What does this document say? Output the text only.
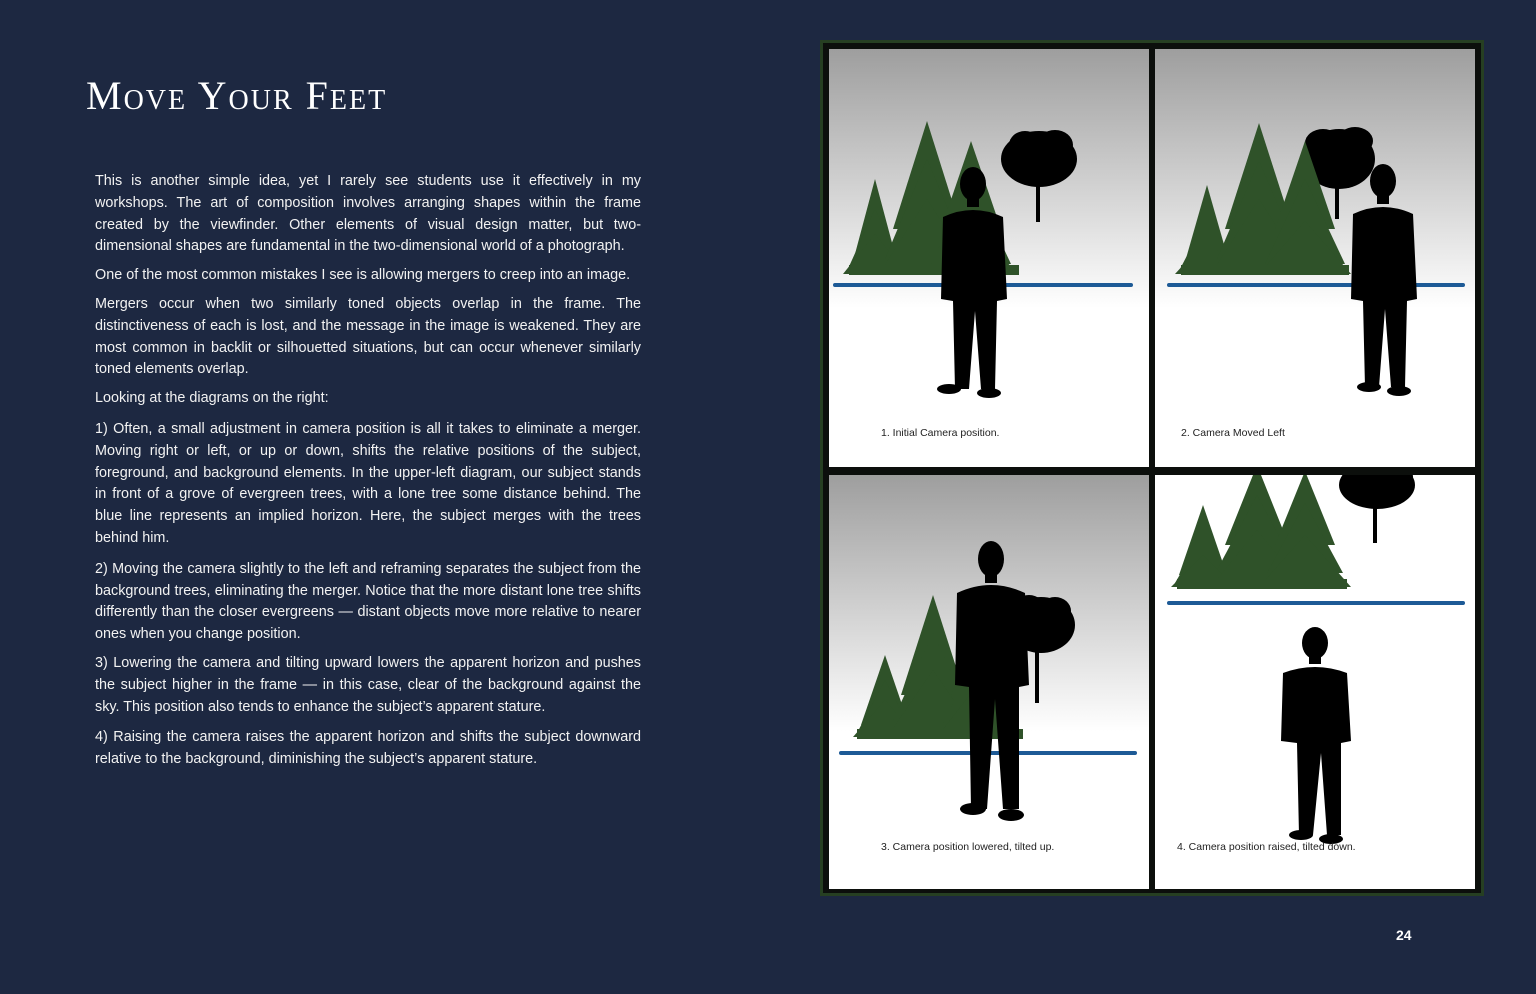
Move Your Feet

This is another simple idea, yet I rarely see students use it effectively in my workshops. The art of composition involves arranging shapes within the frame created by the viewfinder. Other elements of visual design matter, but two-dimensional shapes are fundamental in the two-dimensional world of a photograph.

One of the most common mistakes I see is allowing mergers to creep into an image.

Mergers occur when two similarly toned objects overlap in the frame. The distinctiveness of each is lost, and the message in the image is weakened. They are most common in backlit or silhouetted situations, but can occur whenever similarly toned elements overlap.

Looking at the diagrams on the right:

1) Often, a small adjustment in camera position is all it takes to eliminate a merger. Moving right or left, or up or down, shifts the relative positions of the subject, foreground, and background elements. In the upper-left diagram, our subject stands in front of a grove of evergreen trees, with a lone tree some distance behind. The blue line represents an implied horizon. Here, the subject merges with the trees behind him.

2) Moving the camera slightly to the left and reframing separates the subject from the background trees, eliminating the merger. Notice that the more distant lone tree shifts differently than the closer evergreens — distant objects move more relative to nearer ones when you change position.

3) Lowering the camera and tilting upward lowers the apparent horizon and pushes the subject higher in the frame — in this case, clear of the background against the sky. This position also tends to enhance the subject’s apparent stature.

4) Raising the camera raises the apparent horizon and shifts the subject downward relative to the background, diminishing the subject’s apparent stature.

1. Initial Camera position.	2. Camera Moved Left
3. Camera position lowered, tilted up.	4. Camera position raised, tilted down.
24
